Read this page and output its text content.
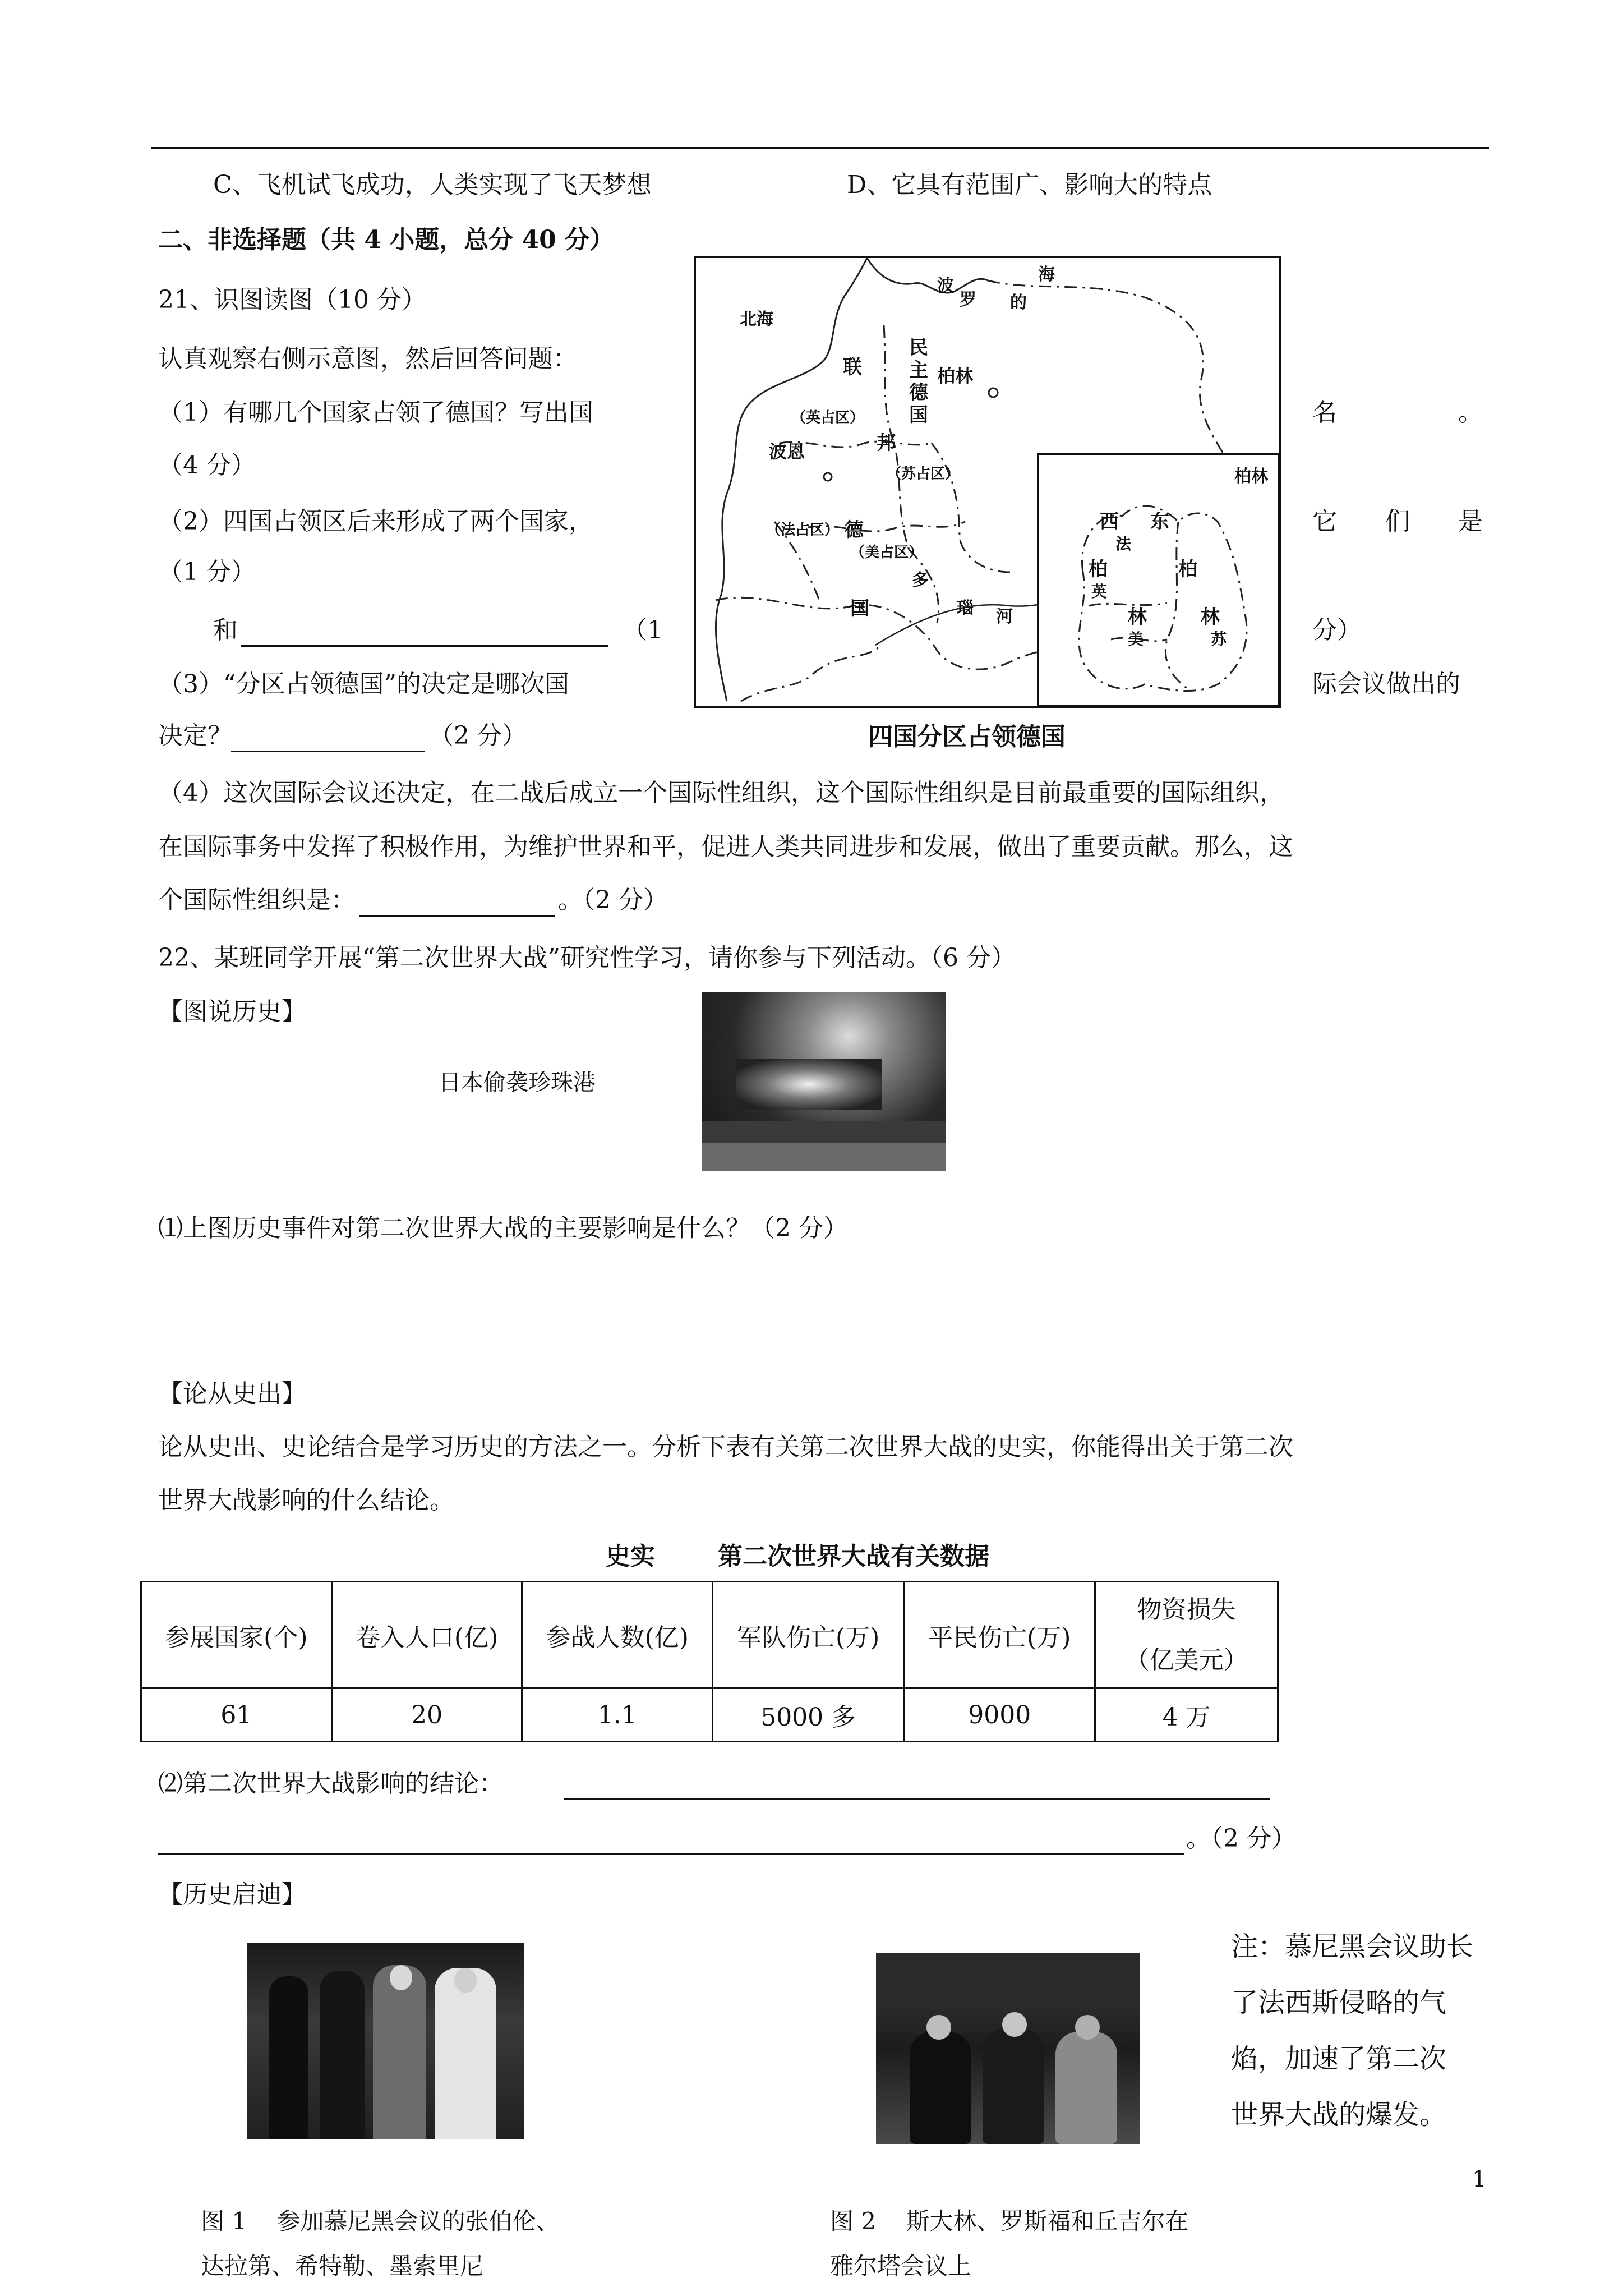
C、飞机试飞成功，人类实现了飞天梦想	D、它具有范围广、影响大的特点
二、非选择题（共 4 小题，总分 40 分）
21、识图读图（10 分）
认真观察右侧示意图，然后回答问题：
（1）有哪几个国家占领了德国？写出国	名	。
（4 分）
（2）四国占领区后来形成了两个国家，	它 们 是
（1 分）
和	（1	分）
（3）“分区占领德国”的决定是哪次国	际会议做出的
决定？	（2 分）
北海
波
罗 的
海
联
邦
德
国
民
主
德
国
柏林
波恩
（英占区）
（苏占区）
（法占区）
（美占区）
多
瑙 河
柏林
西
法
柏
英
林
美
东
柏
林
苏
四国分区占领德国
（4）这次国际会议还决定，在二战后成立一个国际性组织，这个国际性组织是目前最重要的国际组织，
在国际事务中发挥了积极作用，为维护世界和平，促进人类共同进步和发展，做出了重要贡献。那么，这
个国际性组织是：	。（2 分）
22、某班同学开展“第二次世界大战”研究性学习，请你参与下列活动。（6 分）
【图说历史】
日本偷袭珍珠港
⑴上图历史事件对第二次世界大战的主要影响是什么？（2 分）
【论从史出】
论从史出、史论结合是学习历史的方法之一。分析下表有关第二次世界大战的史实，你能得出关于第二次
世界大战影响的什么结论。
史实	第二次世界大战有关数据
参展国家(个)	卷入人口(亿)	参战人数(亿)	军队伤亡(万)	平民伤亡(万)	物资损失
（亿美元）

61	20	1.1	5000 多	9000	4 万
⑵第二次世界大战影响的结论：
。（2 分）
【历史启迪】
注：慕尼黑会议助长
了法西斯侵略的气
焰，加速了第二次
世界大战的爆发。
1
图 1    参加慕尼黑会议的张伯伦、
达拉第、希特勒、墨索里尼
图 2    斯大林、罗斯福和丘吉尔在
雅尔塔会议上
